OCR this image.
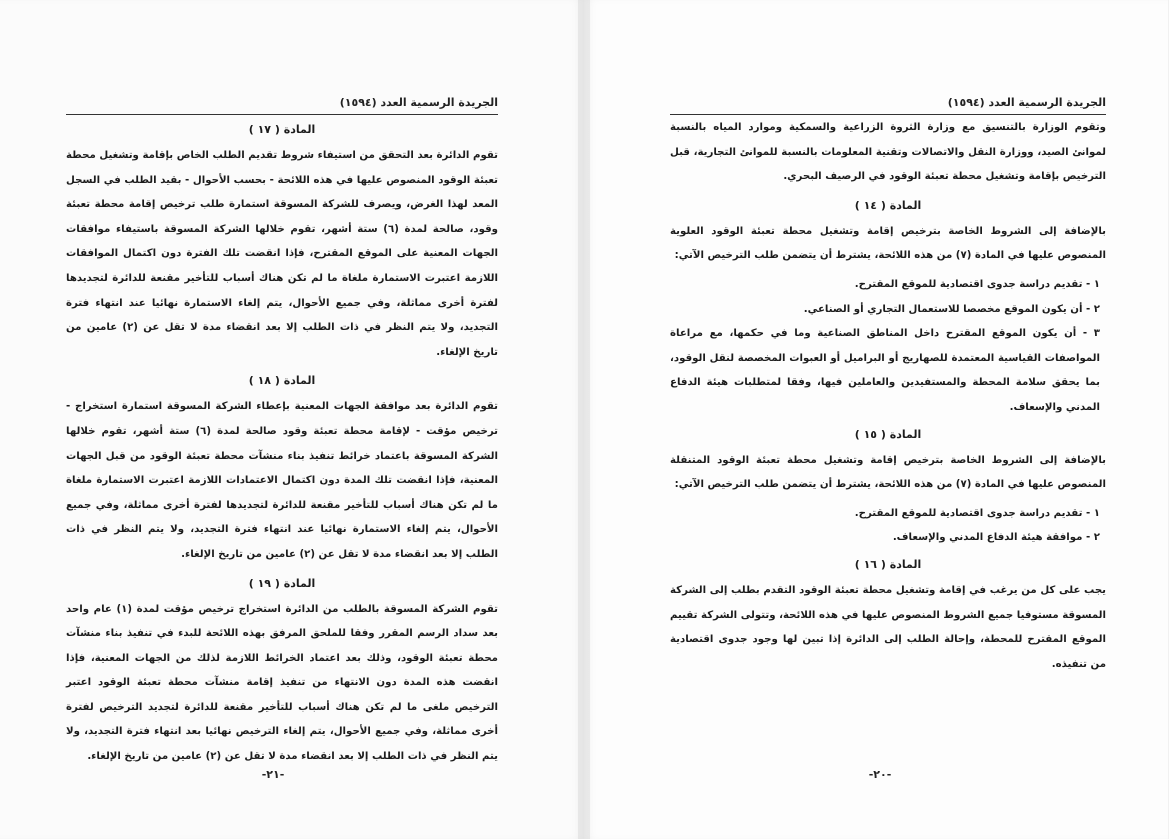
الجريدة الرسمية العدد (١٥٩٤)
المادة ( ١٧ )

تقوم الدائرة بعد التحقق من استيفاء شروط تقديم الطلب الخاص بإقامة وتشغيل محطة تعبئة الوقود المنصوص عليها في هذه اللائحة - بحسب الأحوال - بقيد الطلب في السجل المعد لهذا الغرض، ويصرف للشركة المسوقة استمارة طلب ترخيص إقامة محطة تعبئة وقود، صالحة لمدة (٦) ستة أشهر، تقوم خلالها الشركة المسوقة باستيفاء موافقات الجهات المعنية على الموقع المقترح، فإذا انقضت تلك الفترة دون اكتمال الموافقات اللازمة اعتبرت الاستمارة ملغاة ما لم تكن هناك أسباب للتأخير مقنعة للدائرة لتجديدها لفترة أخرى مماثلة، وفي جميع الأحوال، يتم إلغاء الاستمارة نهائيا عند انتهاء فترة التجديد، ولا يتم النظر في ذات الطلب إلا بعد انقضاء مدة لا تقل عن (٢) عامين من تاريخ الإلغاء.

المادة ( ١٨ )

تقوم الدائرة بعد موافقة الجهات المعنية بإعطاء الشركة المسوقة استمارة استخراج - ترخيص مؤقت - لإقامة محطة تعبئة وقود صالحة لمدة (٦) ستة أشهر، تقوم خلالها الشركة المسوقة باعتماد خرائط تنفيذ بناء منشآت محطة تعبئة الوقود من قبل الجهات المعنية، فإذا انقضت تلك المدة دون اكتمال الاعتمادات اللازمة اعتبرت الاستمارة ملغاة ما لم تكن هناك أسباب للتأخير مقنعة للدائرة لتجديدها لفترة أخرى مماثلة، وفي جميع الأحوال، يتم إلغاء الاستمارة نهائيا عند انتهاء فترة التجديد، ولا يتم النظر في ذات الطلب إلا بعد انقضاء مدة لا تقل عن (٢) عامين من تاريخ الإلغاء.

المادة ( ١٩ )

تقوم الشركة المسوقة بالطلب من الدائرة استخراج ترخيص مؤقت لمدة (١) عام واحد بعد سداد الرسم المقرر وفقا للملحق المرفق بهذه اللائحة للبدء في تنفيذ بناء منشآت محطة تعبئة الوقود، وذلك بعد اعتماد الخرائط اللازمة لذلك من الجهات المعنية، فإذا انقضت هذه المدة دون الانتهاء من تنفيذ إقامة منشآت محطة تعبئة الوقود اعتبر الترخيص ملغى ما لم تكن هناك أسباب للتأخير مقنعة للدائرة لتجديد الترخيص لفترة أخرى مماثلة، وفي جميع الأحوال، يتم إلغاء الترخيص نهائيا بعد انتهاء فترة التجديد، ولا يتم النظر في ذات الطلب إلا بعد انقضاء مدة لا تقل عن (٢) عامين من تاريخ الإلغاء.

-٢١-
الجريدة الرسمية العدد (١٥٩٤)

وتقوم الوزارة بالتنسيق مع وزارة الثروة الزراعية والسمكية وموارد المياه بالنسبة لموانئ الصيد، ووزارة النقل والاتصالات وتقنية المعلومات بالنسبة للموانئ التجارية، قبل الترخيص بإقامة وتشغيل محطة تعبئة الوقود في الرصيف البحري.

المادة ( ١٤ )

بالإضافة إلى الشروط الخاصة بترخيص إقامة وتشغيل محطة تعبئة الوقود العلوية المنصوص عليها في المادة (٧) من هذه اللائحة، يشترط أن يتضمن طلب الترخيص الآتي:

١ - تقديم دراسة جدوى اقتصادية للموقع المقترح.

٢ - أن يكون الموقع مخصصا للاستعمال التجاري أو الصناعي.

٣ - أن يكون الموقع المقترح داخل المناطق الصناعية وما في حكمها، مع مراعاة المواصفات القياسية المعتمدة للصهاريج أو البراميل أو العبوات المخصصة لنقل الوقود، بما يحقق سلامة المحطة والمستفيدين والعاملين فيها، وفقا لمتطلبات هيئة الدفاع المدني والإسعاف.

المادة ( ١٥ )

بالإضافة إلى الشروط الخاصة بترخيص إقامة وتشغيل محطة تعبئة الوقود المتنقلة المنصوص عليها في المادة (٧) من هذه اللائحة، يشترط أن يتضمن طلب الترخيص الآتي:

١ - تقديم دراسة جدوى اقتصادية للموقع المقترح.

٢ - موافقة هيئة الدفاع المدني والإسعاف.

المادة ( ١٦ )

يجب على كل من يرغب في إقامة وتشغيل محطة تعبئة الوقود التقدم بطلب إلى الشركة المسوقة مستوفيا جميع الشروط المنصوص عليها في هذه اللائحة، وتتولى الشركة تقييم الموقع المقترح للمحطة، وإحالة الطلب إلى الدائرة إذا تبين لها وجود جدوى اقتصادية من تنفيذه.

-٢٠-
